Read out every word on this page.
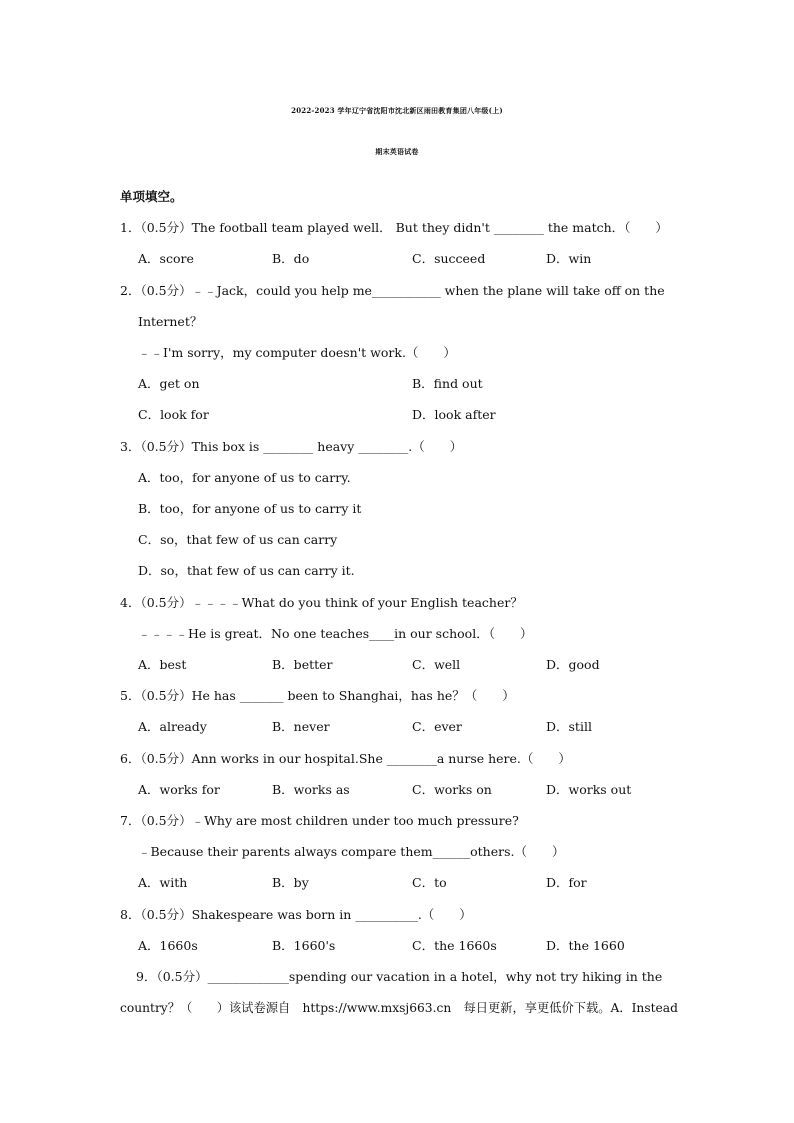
2022-2023 学年辽宁省沈阳市沈北新区雨田教育集团八年级(上)
期末英语试卷
单项填空。
1．（0.5分）The football team played well． But they didn't ________ the match．（　　）
A．score	B．do	C．succeed	D．win
2．（0.5分）﹣﹣Jack，could you help me___________ when the plane will take off on the
Internet？
﹣﹣I'm sorry，my computer doesn't work.（　　）
A．get on	B．find out
C．look for	D．look after
3．（0.5分）This box is ________ heavy ________.（　　）
A．too，for anyone of us to carry.
B．too，for anyone of us to carry it
C．so，that few of us can carry
D．so，that few of us can carry it.
4．（0.5分）﹣﹣﹣﹣What do you think of your English teacher？
﹣﹣﹣﹣He is great．No one teaches____in our school．（　　）
A．best	B．better	C．well	D．good
5．（0.5分）He has _______ been to Shanghai，has he？（　　）
A．already	B．never	C．ever	D．still
6．（0.5分）Ann works in our hospital.She ________a nurse here.（　　）
A．works for	B．works as	C．works on	D．works out
7．（0.5分）﹣Why are most children under too much pressure?
﹣Because their parents always compare them______others.（　　）
A．with	B．by	C．to	D．for
8．（0.5分）Shakespeare was born in __________.（　　）
A．1660s	B．1660's	C．the 1660s	D．the 1660
9．（0.5分）_____________spending our vacation in a hotel，why not try hiking in the
country？（　　）该试卷源自　https://www.mxsj663.cn　每日更新，享更低价下载。A．Instead
